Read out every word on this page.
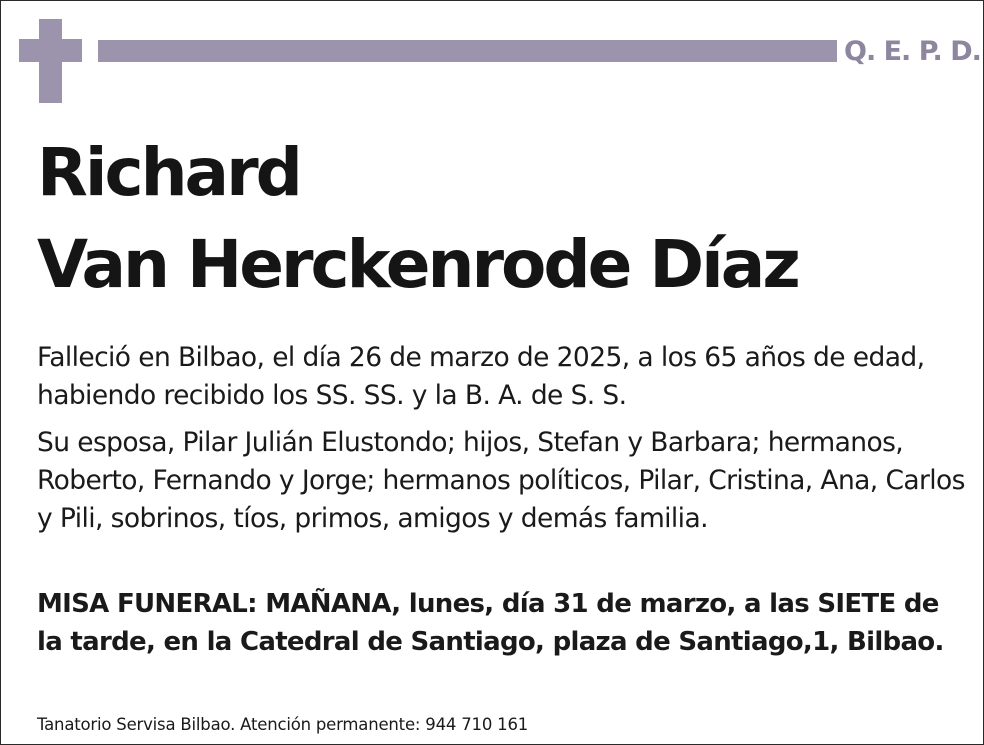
Q. E. P. D.
Richard
Van Herckenrode Díaz
Falleció en Bilbao, el día 26 de marzo de 2025, a los 65 años de edad, habiendo recibido los SS. SS. y la B. A. de S. S.
Su esposa, Pilar Julián Elustondo; hijos, Stefan y Barbara; hermanos, Roberto, Fernando y Jorge; hermanos políticos, Pilar, Cristina, Ana, Carlos y Pili, sobrinos, tíos, primos, amigos y demás familia.
MISA FUNERAL: MAÑANA, lunes, día 31 de marzo, a las SIETE de la tarde, en la Catedral de Santiago, plaza de Santiago,1, Bilbao.
Tanatorio Servisa Bilbao. Atención permanente: 944 710 161
